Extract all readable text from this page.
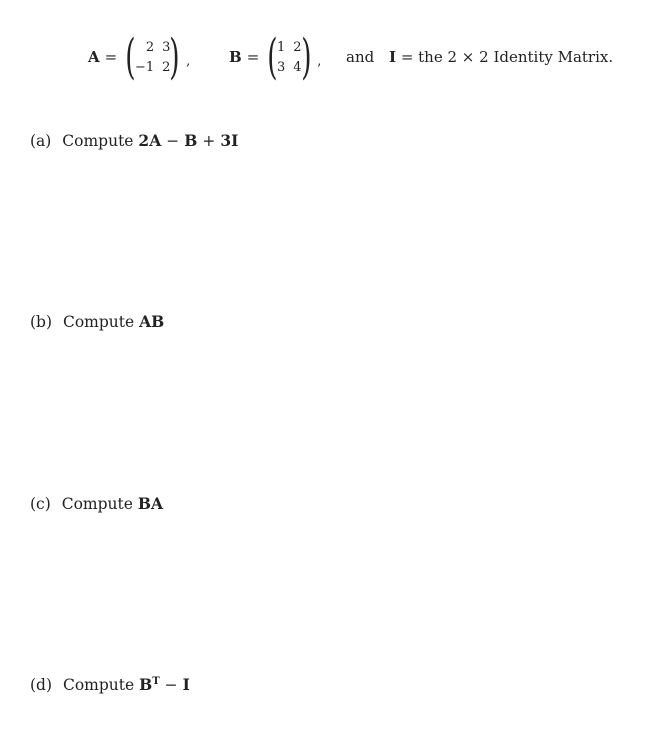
A = ( 2 3
−1 2 ) ,	B = ( 1 2
3 4 ) , and I = the 2 × 2 Identity Matrix.
(a) Compute 2A − B + 3I
(b) Compute AB
(c) Compute BA
(d) Compute $B^T - I$
